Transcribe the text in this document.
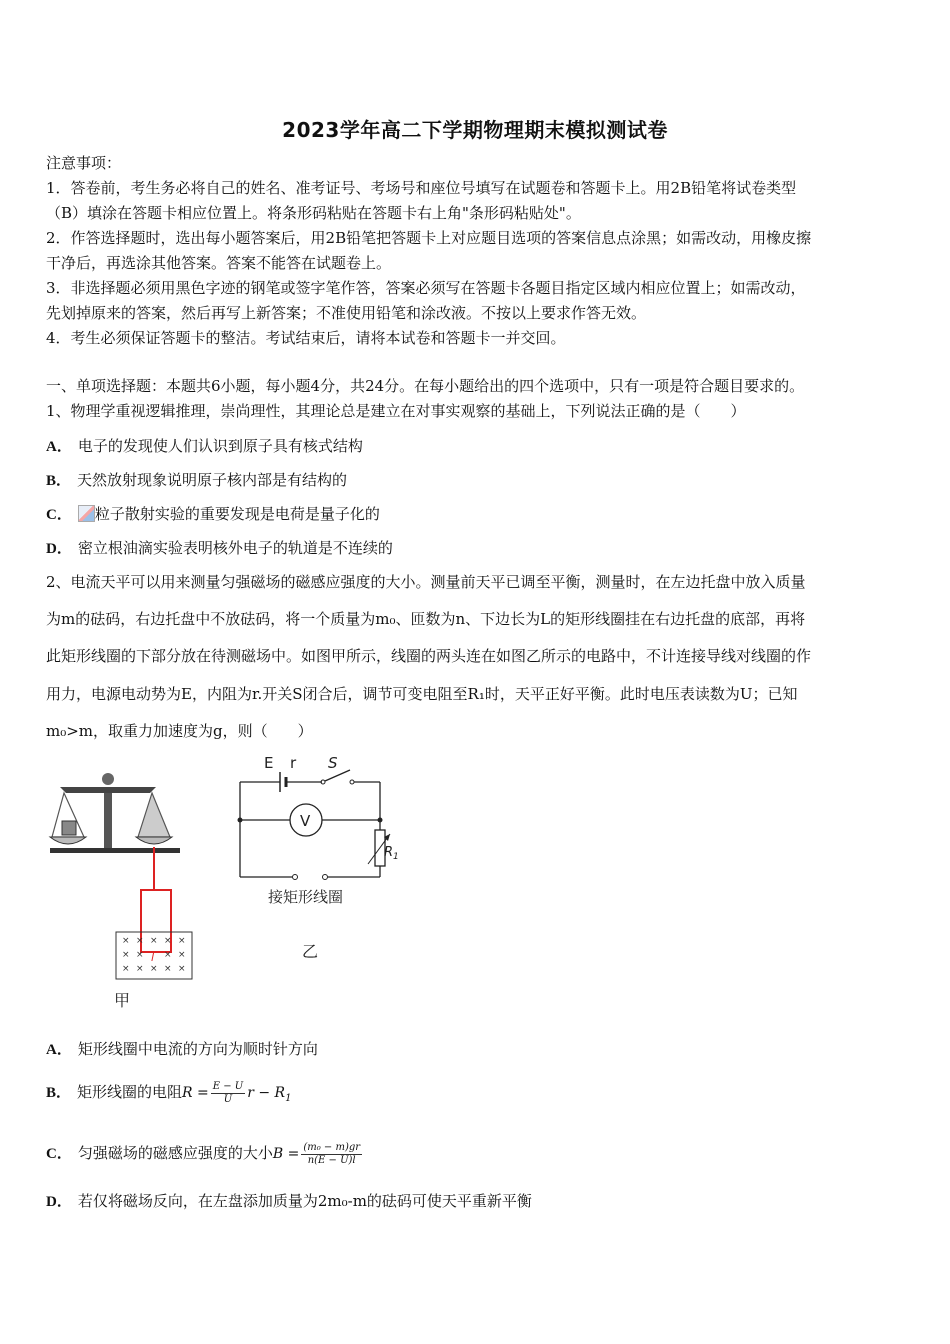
2023学年高二下学期物理期末模拟测试卷
注意事项：
1．答卷前，考生务必将自己的姓名、准考证号、考场号和座位号填写在试题卷和答题卡上。用2B铅笔将试卷类型
（B）填涂在答题卡相应位置上。将条形码粘贴在答题卡右上角"条形码粘贴处"。
2．作答选择题时，选出每小题答案后，用2B铅笔把答题卡上对应题目选项的答案信息点涂黑；如需改动，用橡皮擦
干净后，再选涂其他答案。答案不能答在试题卷上。
3．非选择题必须用黑色字迹的钢笔或签字笔作答，答案必须写在答题卡各题目指定区域内相应位置上；如需改动，
先划掉原来的答案，然后再写上新答案；不准使用铅笔和涂改液。不按以上要求作答无效。
4．考生必须保证答题卡的整洁。考试结束后，请将本试卷和答题卡一并交回。
一、单项选择题：本题共6小题，每小题4分，共24分。在每小题给出的四个选项中，只有一项是符合题目要求的。
1、物理学重视逻辑推理，崇尚理性，其理论总是建立在对事实观察的基础上，下列说法正确的是（　　）
A． 电子的发现使人们认识到原子具有核式结构
B． 天然放射现象说明原子核内部是有结构的
C． 粒子散射实验的重要发现是电荷是量子化的
D． 密立根油滴实验表明核外电子的轨道是不连续的
2、电流天平可以用来测量匀强磁场的磁感应强度的大小。测量前天平已调至平衡，测量时，在左边托盘中放入质量
为m的砝码，右边托盘中不放砝码，将一个质量为m₀、匝数为n、下边长为L的矩形线圈挂在右边托盘的底部，再将
此矩形线圈的下部分放在待测磁场中。如图甲所示，线圈的两头连在如图乙所示的电路中，不计连接导线对线圈的作
用力，电源电动势为E，内阻为r.开关S闭合后，调节可变电阻至R₁时，天平正好平衡。此时电压表读数为U；已知
m₀>m，取重力加速度为g，则（　　）
× × × × ×
× × × ×
× × × × ×
l
甲
E r S
V
$R_1$
接矩形线圈
乙
A． 矩形线圈中电流的方向为顺时针方向
B． 矩形线圈的电阻$R = \frac{E - U}{U}$ $r - R_1$
C． 匀强磁场的磁感应强度的大小$B = \frac{\text{(m₀ − m)gr}}{n(E - U)l}$
D． 若仅将磁场反向，在左盘添加质量为2m₀-m的砝码可使天平重新平衡
